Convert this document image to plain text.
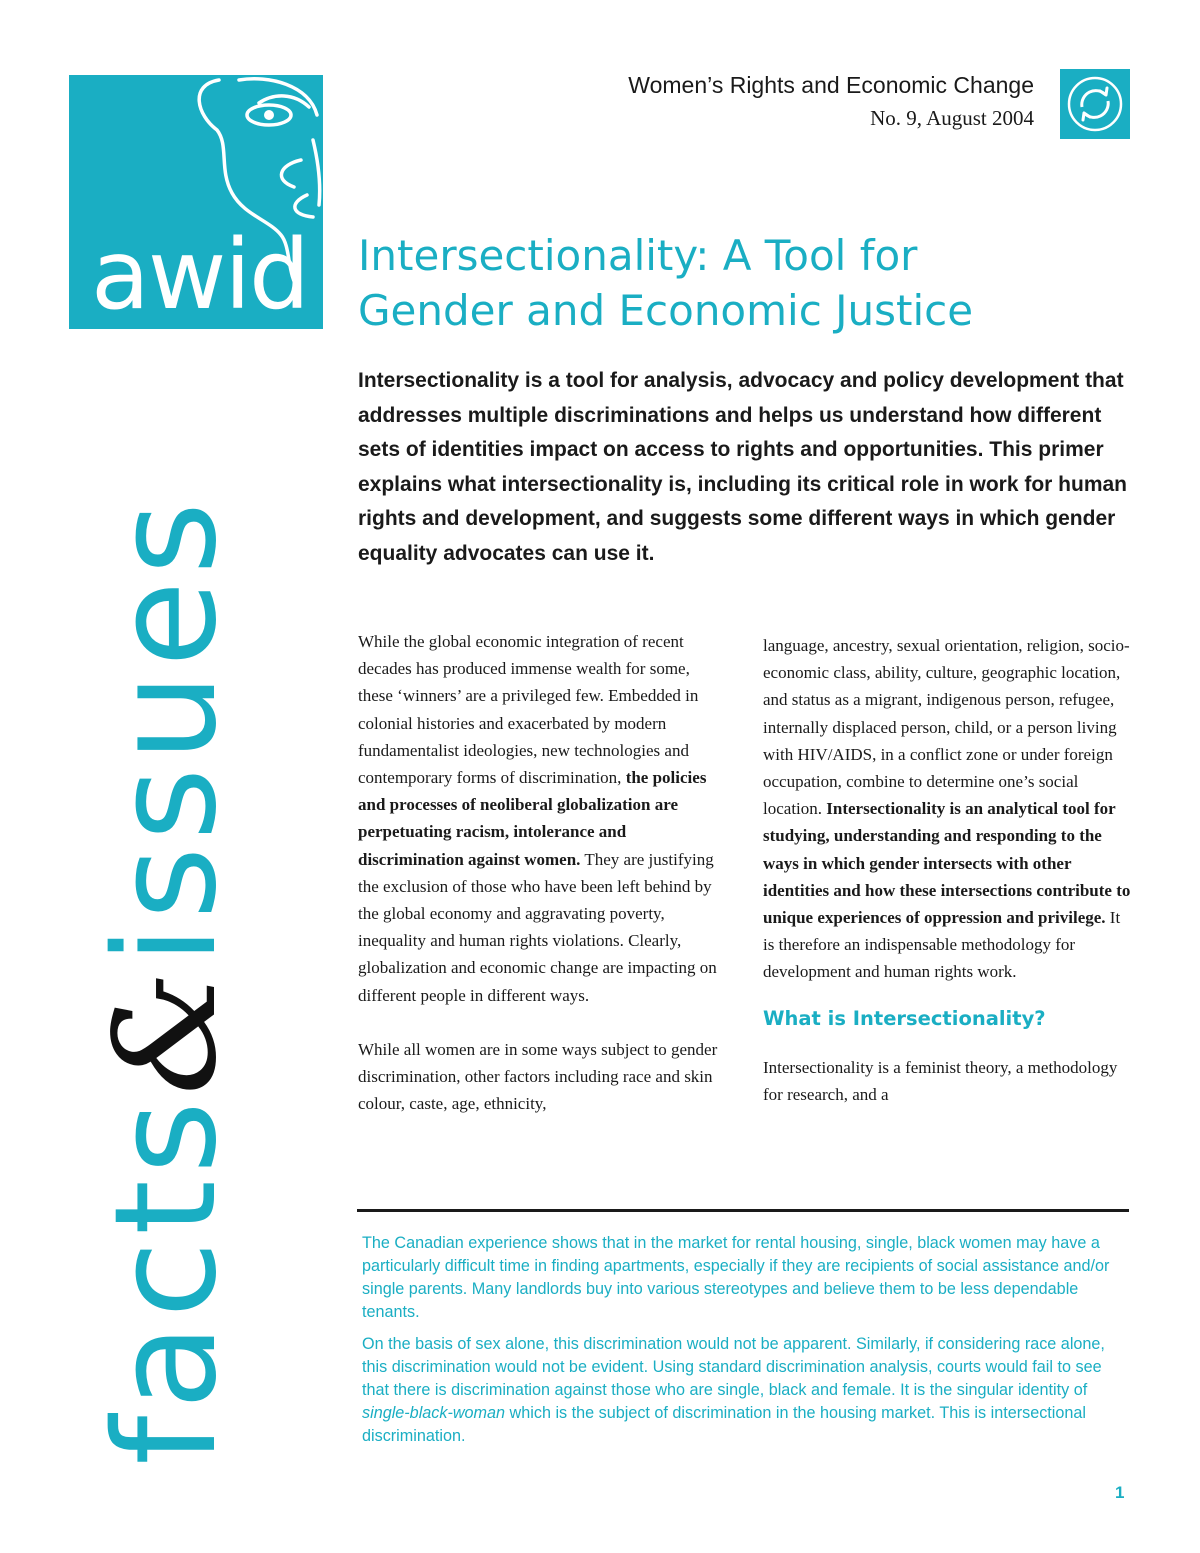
awid

facts&issues
Women’s Rights and Economic Change
No. 9, August 2004
Intersectionality: A Tool for
Gender and Economic Justice

Intersectionality is a tool for analysis, advocacy and policy development that addresses multiple discriminations and helps us understand how different sets of identities impact on access to rights and opportunities. This primer explains what intersectionality is, including its critical role in work for human rights and development, and suggests some different ways in which gender equality advocates can use it.

While the global economic integration of recent decades has produced immense wealth for some, these ‘winners’ are a privileged few. Embedded in colonial histories and exacerbated by modern fundamentalist ideologies, new technologies and contemporary forms of discrimination, the policies and processes of neoliberal globalization are perpetuating racism, intolerance and discrimination against women. They are justifying the exclusion of those who have been left behind by the global economy and aggravating poverty, inequality and human rights violations. Clearly, globalization and economic change are impacting on different people in different ways.

While all women are in some ways subject to gender discrimination, other factors including race and skin colour, caste, age, ethnicity,

language, ancestry, sexual orientation, religion, socio-economic class, ability, culture, geographic location, and status as a migrant, indigenous person, refugee, internally displaced person, child, or a person living with HIV/AIDS, in a conflict zone or under foreign occupation, combine to determine one’s social location. Intersectionality is an analytical tool for studying, understanding and responding to the ways in which gender intersects with other identities and how these intersections contribute to unique experiences of oppression and privilege. It is therefore an indispensable methodology for development and human rights work.

What is Intersectionality?

Intersectionality is a feminist theory, a methodology for research, and a

The Canadian experience shows that in the market for rental housing, single, black women may have a particularly difficult time in finding apartments, especially if they are recipients of social assistance and/or single parents. Many landlords buy into various stereotypes and believe them to be less dependable tenants.

On the basis of sex alone, this discrimination would not be apparent. Similarly, if considering race alone, this discrimination would not be evident. Using standard discrimination analysis, courts would fail to see that there is discrimination against those who are single, black and female. It is the singular identity of single-black-woman which is the subject of discrimination in the housing market. This is intersectional discrimination.

1
